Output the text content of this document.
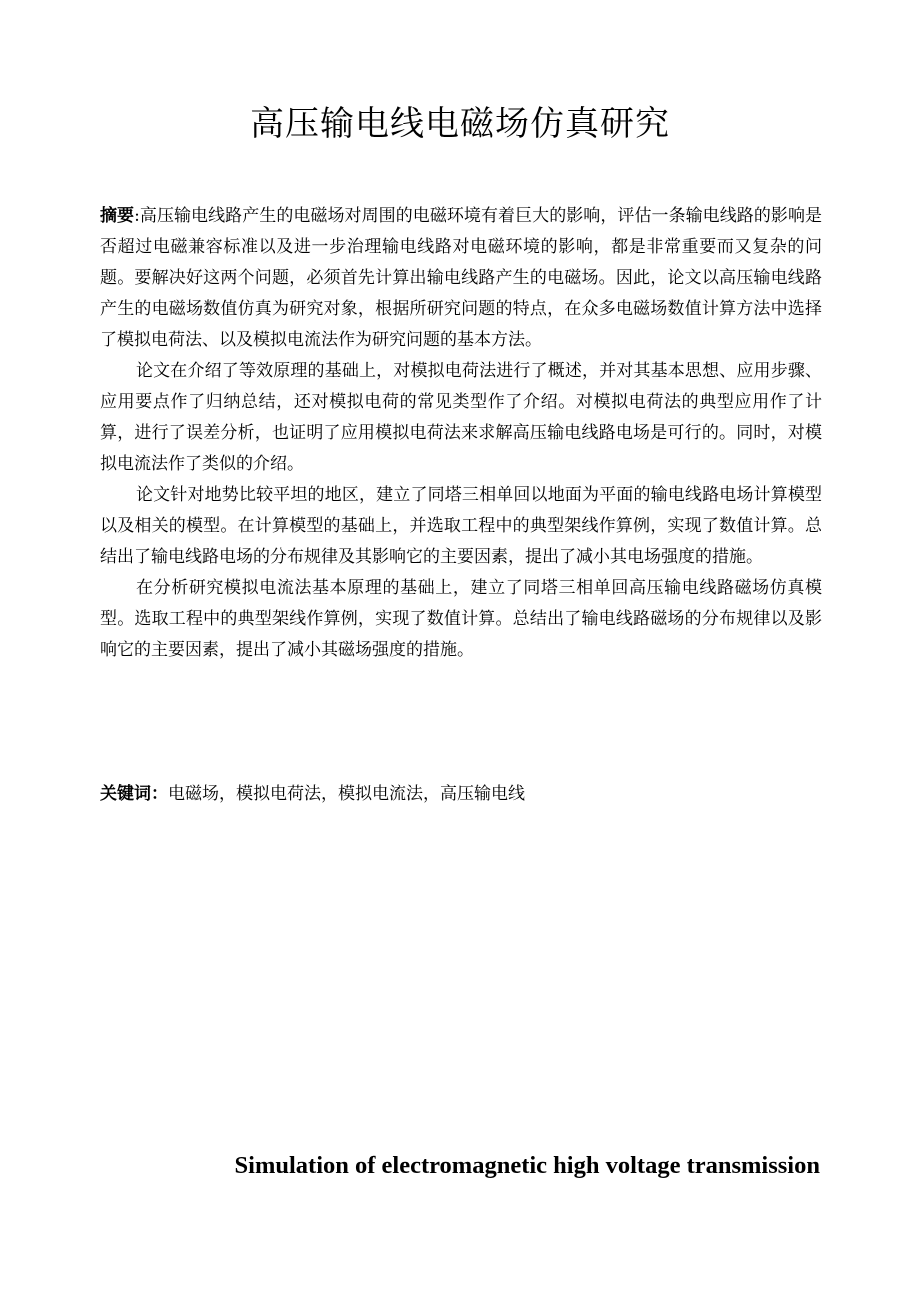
高压输电线电磁场仿真研究

摘要:高压输电线路产生的电磁场对周围的电磁环境有着巨大的影响，评估一条输电线路的影响是否超过电磁兼容标准以及进一步治理输电线路对电磁环境的影响，都是非常重要而又复杂的问题。要解决好这两个问题，必须首先计算出输电线路产生的电磁场。因此，论文以高压输电线路产生的电磁场数值仿真为研究对象，根据所研究问题的特点，在众多电磁场数值计算方法中选择了模拟电荷法、以及模拟电流法作为研究问题的基本方法。

论文在介绍了等效原理的基础上，对模拟电荷法进行了概述，并对其基本思想、应用步骤、应用要点作了归纳总结，还对模拟电荷的常见类型作了介绍。对模拟电荷法的典型应用作了计算，进行了误差分析，也证明了应用模拟电荷法来求解高压输电线路电场是可行的。同时，对模拟电流法作了类似的介绍。

论文针对地势比较平坦的地区，建立了同塔三相单回以地面为平面的输电线路电场计算模型以及相关的模型。在计算模型的基础上，并选取工程中的典型架线作算例，实现了数值计算。总结出了输电线路电场的分布规律及其影响它的主要因素，提出了减小其电场强度的措施。

在分析研究模拟电流法基本原理的基础上，建立了同塔三相单回高压输电线路磁场仿真模型。选取工程中的典型架线作算例，实现了数值计算。总结出了输电线路磁场的分布规律以及影响它的主要因素，提出了减小其磁场强度的措施。

关键词：电磁场，模拟电荷法，模拟电流法，高压输电线
Simulation of electromagnetic high voltage transmission
